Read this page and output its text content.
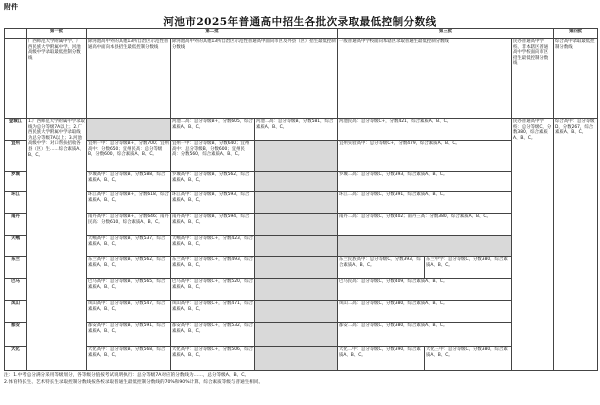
附件
河池市2025年普通高中招生各批次录取最低控制分数线
	第一批	第二批			第三批			第四批
	广西师范大学附属中学、广西民族大学附属中学、河池高级中学录取最低控制分数线	除河池高中外的其他13所自治区示范性普通高中面向本县招生最低控制分数线	除河池高中外的其他13所自治区示范性普通高中面向市区及外县（区）招生最低控制分数线		一般普通高中学校面向本辖区录取普通生最低控制分数线		民办普通高中学校、非本辖区普通高中学校面向市区招生最低控制分数线	综合高中录取最低控制分数线
金城江	1.广西师范大学附属中学录取线为总分等级7A以上；2.广西民族大学附属中学录取线为总分等级7A以上；3.河池高级中学：对口帮扶招收各县（区）生……综合素质A、B、C。		河池二高：总分等级B+，分数605，综合素质A、B、C。	河池二高：总分等级B，分数581，综合素质A、B、C。	河池民高：总分等级C+，分数421，综合素质A、B、C。		民办普通高中学校：总分等级C，分数380，综合素质A、B、C。	综合高中：总分等级D，分数267，综合素质A、B、C。
宜州		宜州一中：总分等级B+，分数700；宜州高中：分数650；宜州民高：总分等级B，分数600，综合素质A、B、C。	宜州一中：总分等级B，分数640；宜州高中：总分等级B，分数600；宜州民高：分数560，综合素质A、B、C。		宜州实验高中：总分等级C+，分数479，综合素质A、B、C。			
罗城		罗城高中：总分等级B，分数588，综合素质A、B、C。	罗城高中：总分等级B，分数562，综合素质A、B、C。		罗城二高：总分等级C，分数393，综合素质A、B、C。			
环江		环江高中：总分等级B+，分数618，综合素质A、B、C。	环江高中：总分等级B，分数593，综合素质A、B、C。		环江二高：总分等级C，分数391，综合素质A、B、C。			
南丹		南丹高中：总分等级B+，分数646；南丹民高：分数610，综合素质A、B、C。	南丹高中：总分等级B，分数594，综合素质A、B、C。		南丹二高：总分等级C，分数402；南丹三高：分数380，综合素质A、B、C。			
天峨		天峨高中：总分等级B，分数537，综合素质A、B、C。	天峨高中：总分等级C+，分数423，综合素质A、B、C。					
东兰		东兰高中：总分等级B，分数562，综合素质A、B、C。	东兰高中：总分等级C+，分数493，综合素质A、B、C。		东兰民族高中：总分等级C，分数393，综合素质A、B、C。	东兰中学：总分等级C，分数380，综合素质A、B、C。		
巴马		巴马高中：总分等级B，分数565，综合素质A、B、C。	巴马高中：总分等级C+，分数520，综合素质A、B、C。		巴马民高：总分等级C，分数409，综合素质A、B、C。			
凤山		凤山高中：总分等级B，分数547，综合素质A、B、C。	凤山高中：总分等级C+，分数471，综合素质A、B、C。		凤山二高：总分等级C，分数380，综合素质A、B、C。			
都安		都安高中：总分等级B，分数591，综合素质A、B、C。	都安高中：总分等级C+，分数532，综合素质A、B、C。		都安二高：总分等级C，分数380，综合素质A、B、C。			
大化		大化高中：总分等级B，分数568，综合素质A、B、C。	大化高中：总分等级C+，分数506，综合素质A、B、C。		大化二中：总分等级C，分数390，综合素质A、B、C。	大化三中：总分等级C，分数380，综合素质A、B、C。		
注：1.中考总分满分采用等级划分，各等级分值按考试说明执行：总分等级7A对应的分数线为……，总分等级A、B、C。
2.体育特长生、艺术特长生录取控制分数线按各校录取普通生最低控制分数线的70%和90%计算，综合素质等级与普通生相同。
